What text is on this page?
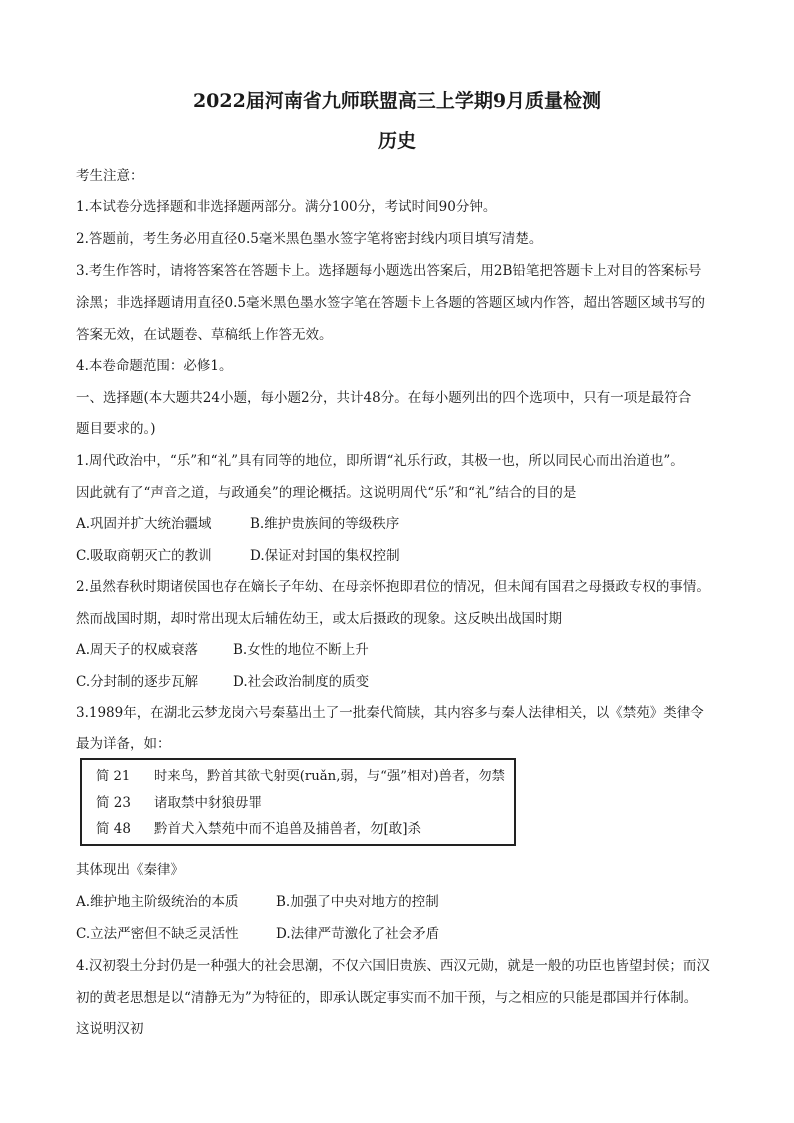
2022届河南省九师联盟高三上学期9月质量检测
历史
考生注意：
1.本试卷分选择题和非选择题两部分。满分100分，考试时间90分钟。
2.答题前，考生务必用直径0.5毫米黑色墨水签字笔将密封线内项目填写清楚。
3.考生作答时，请将答案答在答题卡上。选择题每小题选出答案后，用2B铅笔把答题卡上对目的答案标号
涂黑；非选择题请用直径0.5毫米黑色墨水签字笔在答题卡上各题的答题区域内作答，超出答题区域书写的
答案无效，在试题卷、草稿纸上作答无效。
4.本卷命题范围：必修1。
一、选择题(本大题共24小题，每小题2分，共计48分。在每小题列出的四个选项中，只有一项是最符合
题目要求的。)
1.周代政治中，“乐”和“礼”具有同等的地位，即所谓“礼乐行政，其极一也，所以同民心而出治道也”。
因此就有了“声音之道，与政通矣”的理论概括。这说明周代“乐”和“礼”结合的目的是
A.巩固并扩大统治疆域	B.维护贵族间的等级秩序
C.吸取商朝灭亡的教训	D.保证对封国的集权控制
2.虽然春秋时期诸侯国也存在嫡长子年幼、在母亲怀抱即君位的情况，但未闻有国君之母摄政专权的事情。
然而战国时期，却时常出现太后辅佐幼王，或太后摄政的现象。这反映出战国时期
A.周天子的权威衰落	B.女性的地位不断上升
C.分封制的逐步瓦解	D.社会政治制度的质变
3.1989年，在湖北云梦龙岗六号秦墓出土了一批秦代简牍，其内容多与秦人法律相关，以《禁苑》类律令
最为详备，如：
简 21 时来鸟，黔首其欲弋射耎(ruǎn,弱，与“强”相对)兽者，勿禁
简 23 诸取禁中豺狼毋罪
简 48 黔首犬入禁苑中而不追兽及捕兽者，勿[敢]杀
其体现出《秦律》
A.维护地主阶级统治的本质	B.加强了中央对地方的控制
C.立法严密但不缺乏灵活性	D.法律严苛激化了社会矛盾
4.汉初裂土分封仍是一种强大的社会思潮，不仅六国旧贵族、西汉元勋，就是一般的功臣也皆望封侯；而汉
初的黄老思想是以“清静无为”为特征的，即承认既定事实而不加干预，与之相应的只能是郡国并行体制。
这说明汉初
